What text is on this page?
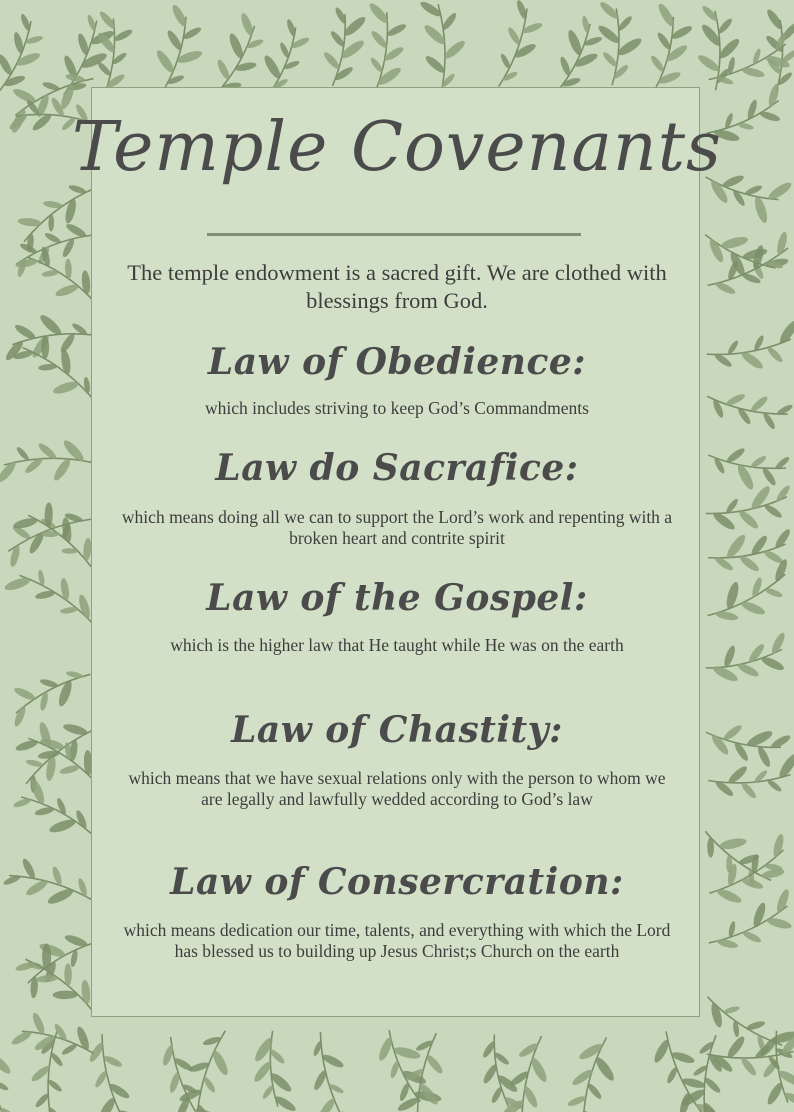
Temple Covenants

The temple endowment is a sacred gift. We are clothed with blessings from God.

Law of Obedience:

which includes striving to keep God’s Commandments

Law do Sacrafice:

which means doing all we can to support the Lord’s work and repenting with a broken heart and contrite spirit

Law of the Gospel:

which is the higher law that He taught while He was on the earth

Law of Chastity:

which means that we have sexual relations only with the person to whom we are legally and lawfully wedded according to God’s law

Law of Consercration:

which means dedication our time, talents, and everything with which the Lord has blessed us to building up Jesus Christ;s Church on the earth
